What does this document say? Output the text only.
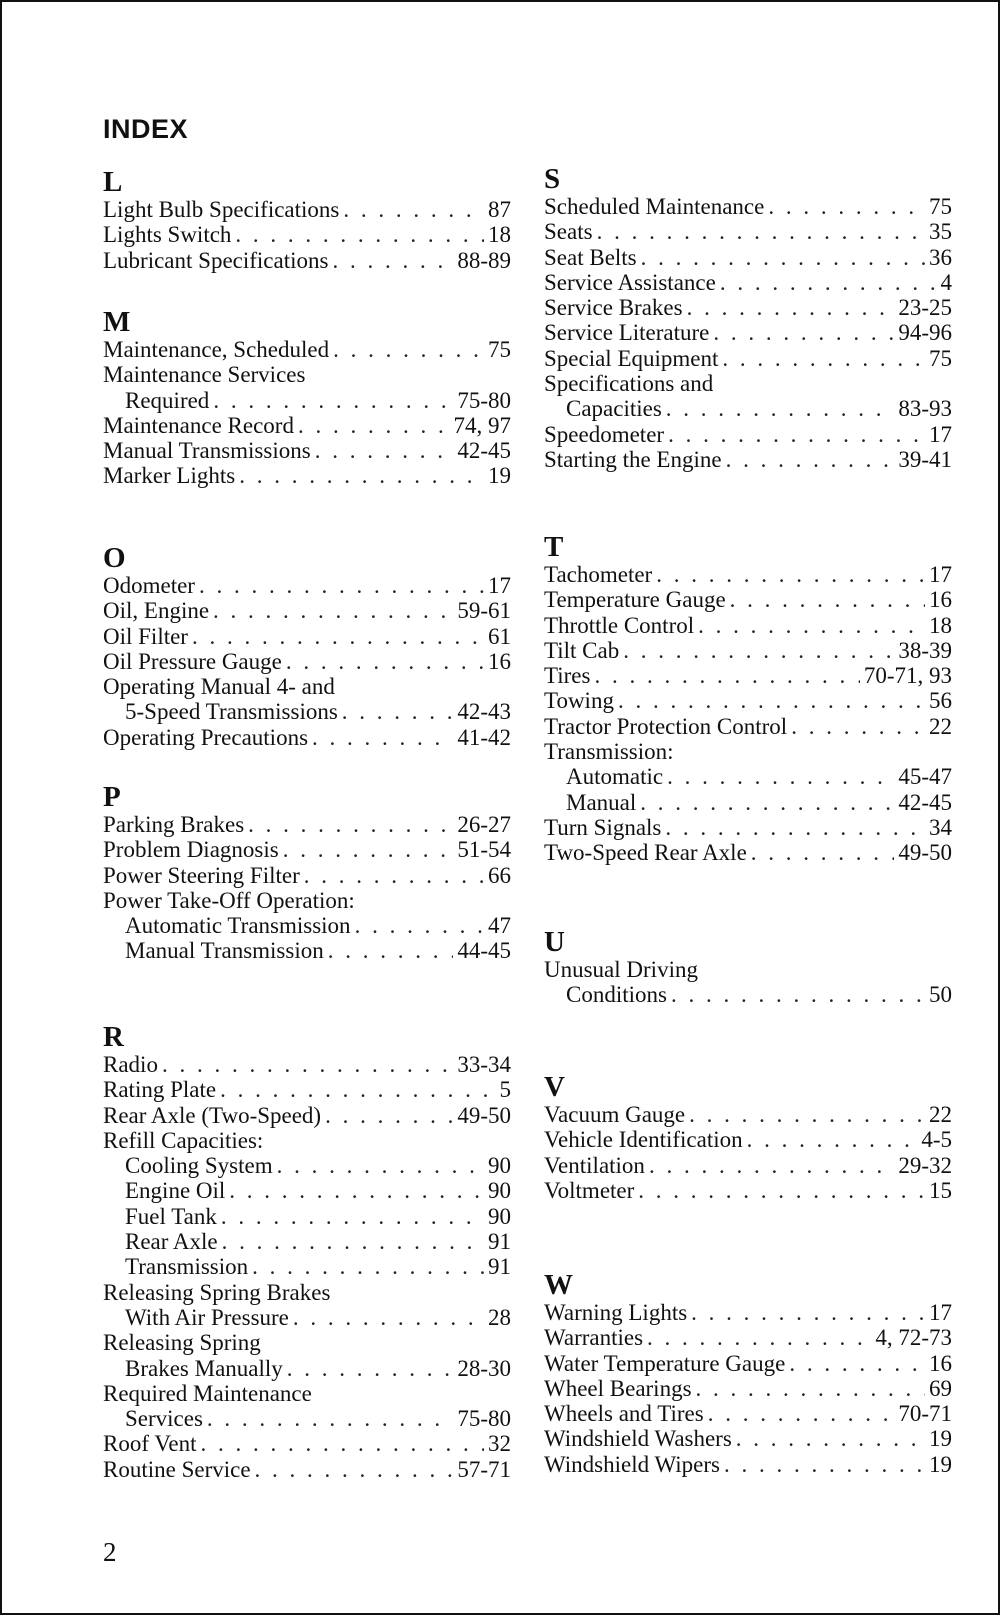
INDEX
L
Light Bulb Specifications . . .	87
Lights Switch . . .	18
Lubricant Specifications . . .	88-89
M
Maintenance, Scheduled . . .	75
Maintenance Services
Required . . .	75-80
Maintenance Record . . .	74, 97
Manual Transmissions . . .	42-45
Marker Lights . . .	19
O
Odometer . . .	17
Oil, Engine . . .	59-61
Oil Filter . . .	61
Oil Pressure Gauge . . .	16
Operating Manual 4- and
5-Speed Transmissions . . .	42-43
Operating Precautions . . .	41-42
P
Parking Brakes . . .	26-27
Problem Diagnosis . . .	51-54
Power Steering Filter . . .	66
Power Take-Off Operation:
Automatic Transmission . . .	47
Manual Transmission . . .	44-45
R
Radio . . .	33-34
Rating Plate . . .	5
Rear Axle (Two-Speed) . . .	49-50
Refill Capacities:
Cooling System . . .	90
Engine Oil . . .	90
Fuel Tank . . .	90
Rear Axle . . .	91
Transmission . . .	91
Releasing Spring Brakes
With Air Pressure . . .	28
Releasing Spring
Brakes Manually . . .	28-30
Required Maintenance
Services . . .	75-80
Roof Vent . . .	32
Routine Service . . .	57-71
S
Scheduled Maintenance . . .	75
Seats . . .	35
Seat Belts . . .	36
Service Assistance . . .	4
Service Brakes . . .	23-25
Service Literature . . .	94-96
Special Equipment . . .	75
Specifications and
Capacities . . .	83-93
Speedometer . . .	17
Starting the Engine . . .	39-41
T
Tachometer . . .	17
Temperature Gauge . . .	16
Throttle Control . . .	18
Tilt Cab . . .	38-39
Tires . . .	70-71, 93
Towing . . .	56
Tractor Protection Control . . .	22
Transmission:
Automatic . . .	45-47
Manual . . .	42-45
Turn Signals . . .	34
Two-Speed Rear Axle . . .	49-50
U
Unusual Driving
Conditions . . .	50
V
Vacuum Gauge . . .	22
Vehicle Identification . . .	4-5
Ventilation . . .	29-32
Voltmeter . . .	15
W
Warning Lights . . .	17
Warranties . . .	4, 72-73
Water Temperature Gauge . . .	16
Wheel Bearings . . .	69
Wheels and Tires . . .	70-71
Windshield Washers . . .	19
Windshield Wipers . . .	19
2
